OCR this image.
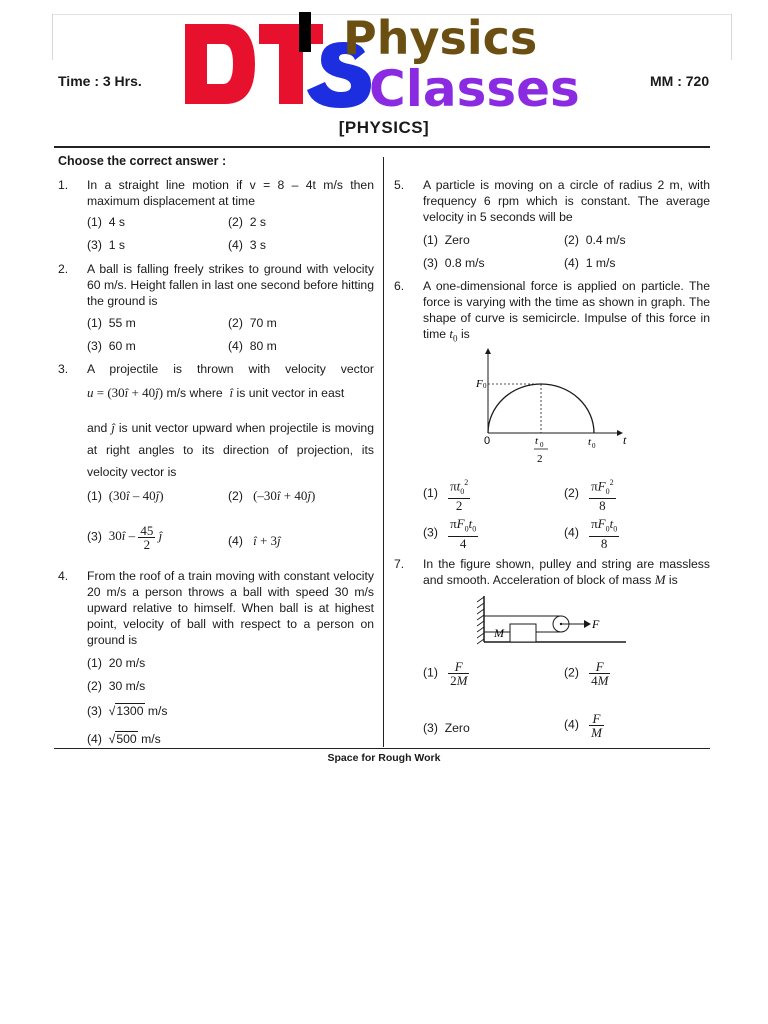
Time : 3 Hrs.	MM : 720
Physics
Classes
[PHYSICS]
Choose the correct answer :
1.	In a straight line motion if v = 8 – 4t m/s then maximum displacement at time
(1) 4 s	(2) 2 s
(3) 1 s	(4) 3 s
2.	A ball is falling freely strikes to ground with velocity 60 m/s. Height fallen in last one second before hitting the ground is
(1) 55 m	(2) 70 m
(3) 60 m	(4) 80 m
3.	A projectile is thrown with velocity vector
u = (30î + 40ĵ) m/s where î is unit vector in east
and ĵ is unit vector upward when projectile is moving at right angles to its direction of projection, its velocity vector is
(1) (30î – 40ĵ)	(2) (–30î + 40ĵ)
(3) 30î – $\frac{45}{2}$ ĵ	(4) î + 3ĵ
4.	From the roof of a train moving with constant velocity 20 m/s a person throws a ball with speed 30 m/s upward relative to himself. When ball is at highest point, velocity of ball with respect to a person on ground is
(1) 20 m/s
(2) 30 m/s
(3)  √1300 m/s
(4)  √500 m/s
5.	A particle is moving on a circle of radius 2 m, with frequency 6 rpm which is constant. The average velocity in 5 seconds will be
(1) Zero	(2) 0.4 m/s
(3) 0.8 m/s	(4) 1 m/s
6.	A one-dimensional force is applied on particle. The force is varying with the time as shown in graph. The shape of curve is semicircle. Impulse of this force in time $t_0$ is
F 0
0	t
t 0
t 0
2
$(1) \frac{\pi t_0^2}{2}$	$(2) \frac{\pi F_0^2}{8}$
$(3) \frac{\pi F_0t_0}{4}$	$(4) \frac{\pi F_0t_0}{8}$
7.	In the figure shown, pulley and string are massless and smooth. Acceleration of block of mass M is
M
F
$(1) \frac{F}{2M}$	$(2) \frac{F}{4M}$
(3) Zero	$(4) \frac{F}{M}$
Space for Rough Work
